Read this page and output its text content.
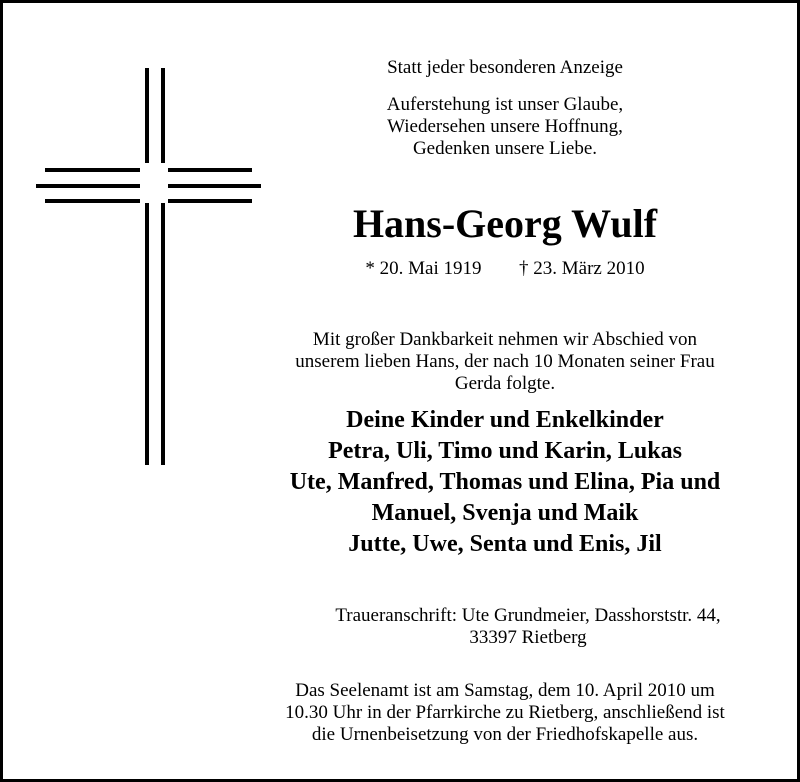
Statt jeder besonderen Anzeige
Auferstehung ist unser Glaube,
Wiedersehen unsere Hoffnung,
Gedenken unsere Liebe.
Hans-Georg Wulf
* 20. Mai 1919 † 23. März 2010
Mit großer Dankbarkeit nehmen wir Abschied von
unserem lieben Hans, der nach 10 Monaten seiner Frau
Gerda folgte.
Deine Kinder und Enkelkinder
Petra, Uli, Timo und Karin, Lukas
Ute, Manfred, Thomas und Elina, Pia und
Manuel, Svenja und Maik
Jutte, Uwe, Senta und Enis, Jil
Traueranschrift: Ute Grundmeier, Dasshorststr. 44,
33397 Rietberg
Das Seelenamt ist am Samstag, dem 10. April 2010 um
10.30 Uhr in der Pfarrkirche zu Rietberg, anschließend ist
die Urnenbeisetzung von der Friedhofskapelle aus.
